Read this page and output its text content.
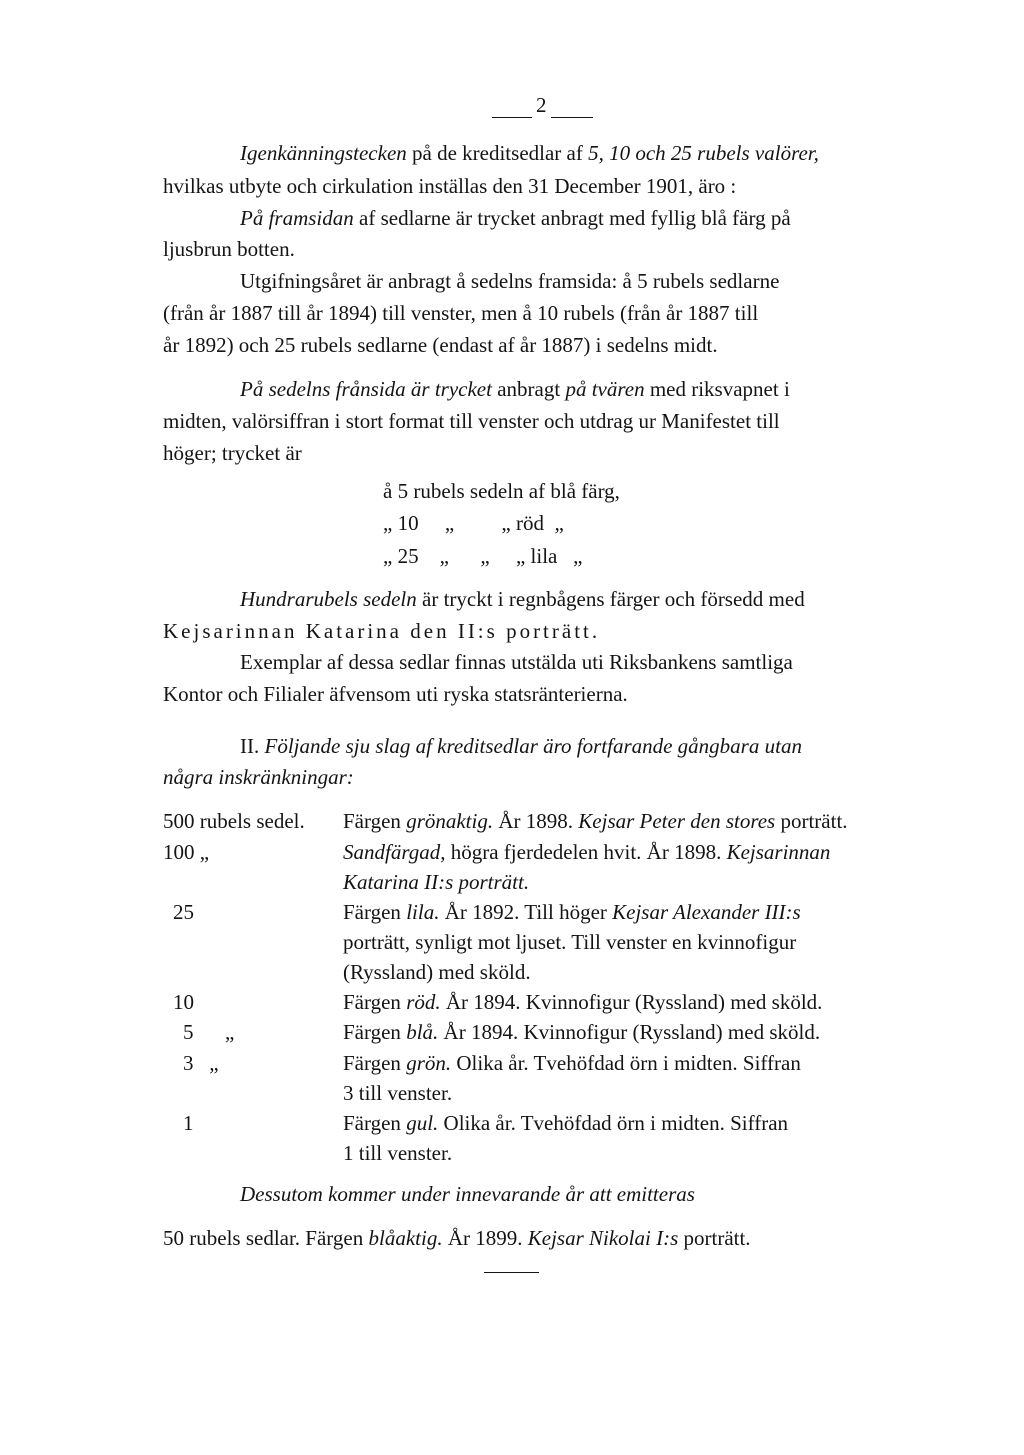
2
Igenkänningstecken på de kreditsedlar af 5, 10 och 25 rubels valörer,
hvilkas utbyte och cirkulation inställas den 31 December 1901, äro :
På framsidan af sedlarne är trycket anbragt med fyllig blå färg på
ljusbrun botten.
Utgifningsåret är anbragt å sedelns framsida: å 5 rubels sedlarne
(från år 1887 till år 1894) till venster, men å 10 rubels (från år 1887 till
år 1892) och 25 rubels sedlarne (endast af år 1887) i sedelns midt.
På sedelns frånsida är trycket anbragt på tvären med riksvapnet i
midten, valörsiffran i stort format till venster och utdrag ur Manifestet till
höger; trycket är
å 5 rubels sedeln af blå färg,
„ 10     „         „ röd  „
„ 25    „      „     „ lila   „
Hundrarubels sedeln är tryckt i regnbågens färger och försedd med
Kejsarinnan Katarina den II:s porträtt.
Exemplar af dessa sedlar finnas utstälda uti Riksbankens samtliga
Kontor och Filialer äfvensom uti ryska statsränterierna.
II. Följande sju slag af kreditsedlar äro fortfarande gångbara utan
några inskränkningar:
500 rubels sedel. Färgen grönaktig. År 1898. Kejsar Peter den stores porträtt.
100 „	Sandfärgad, högra fjerdedelen hvit. År 1898. Kejsarinnan
Katarina II:s porträtt.
25	Färgen lila. År 1892. Till höger Kejsar Alexander III:s
porträtt, synligt mot ljuset. Till venster en kvinnofigur
(Ryssland) med sköld.
10	Färgen röd. År 1894. Kvinnofigur (Ryssland) med sköld.
5      „	Färgen blå. År 1894. Kvinnofigur (Ryssland) med sköld.
3   „	Färgen grön. Olika år. Tvehöfdad örn i midten. Siffran
3 till venster.
1	Färgen gul. Olika år. Tvehöfdad örn i midten. Siffran
1 till venster.
Dessutom kommer under innevarande år att emitteras
50 rubels sedlar. Färgen blåaktig. År 1899. Kejsar Nikolai I:s porträtt.
